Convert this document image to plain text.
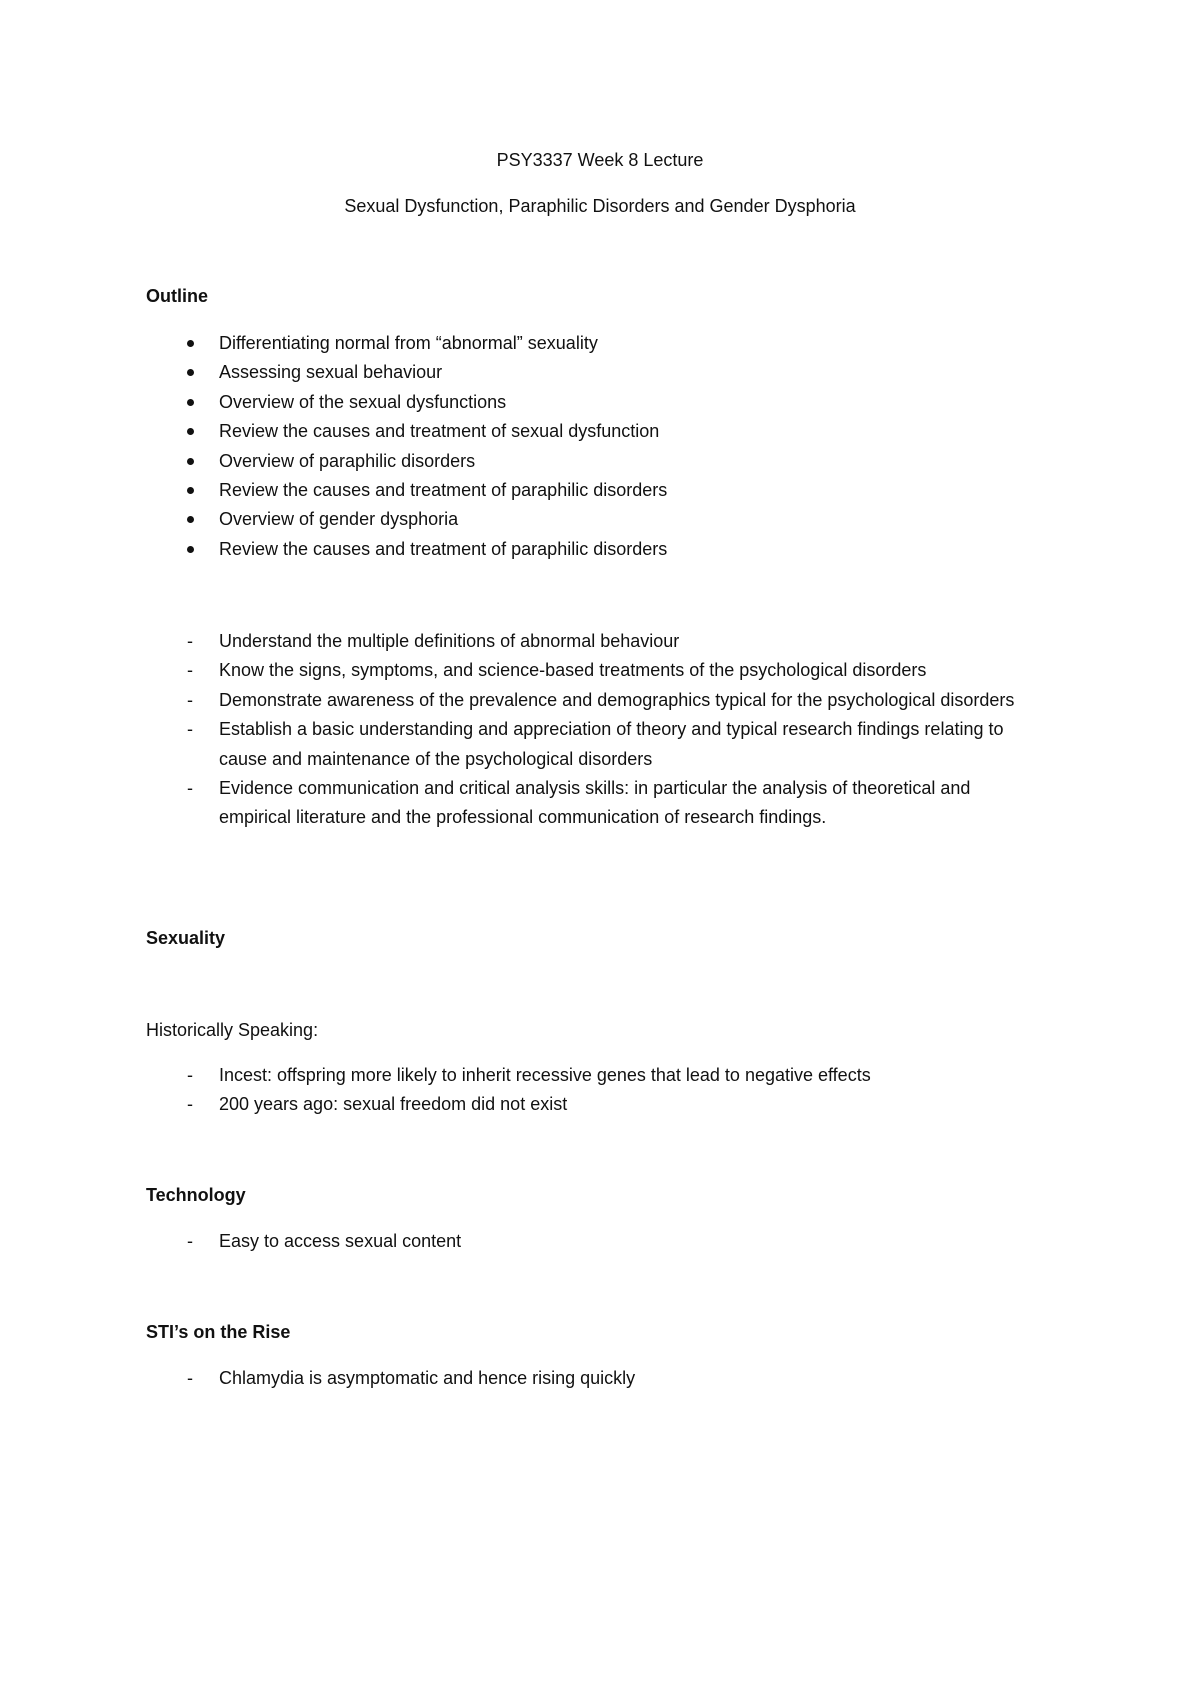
PSY3337 Week 8 Lecture
Sexual Dysfunction, Paraphilic Disorders and Gender Dysphoria
Outline
Differentiating normal from “abnormal” sexuality
Assessing sexual behaviour
Overview of the sexual dysfunctions
Review the causes and treatment of sexual dysfunction
Overview of paraphilic disorders
Review the causes and treatment of paraphilic disorders
Overview of gender dysphoria
Review the causes and treatment of paraphilic disorders
- Understand the multiple definitions of abnormal behaviour
- Know the signs, symptoms, and science-based treatments of the psychological disorders
- Demonstrate awareness of the prevalence and demographics typical for the psychological disorders
- Establish a basic understanding and appreciation of theory and typical research findings relating to cause and maintenance of the psychological disorders
- Evidence communication and critical analysis skills: in particular the analysis of theoretical and empirical literature and the professional communication of research findings.
Sexuality
Historically Speaking:
- Incest: offspring more likely to inherit recessive genes that lead to negative effects
- 200 years ago: sexual freedom did not exist
Technology
- Easy to access sexual content
STI’s on the Rise
- Chlamydia is asymptomatic and hence rising quickly
